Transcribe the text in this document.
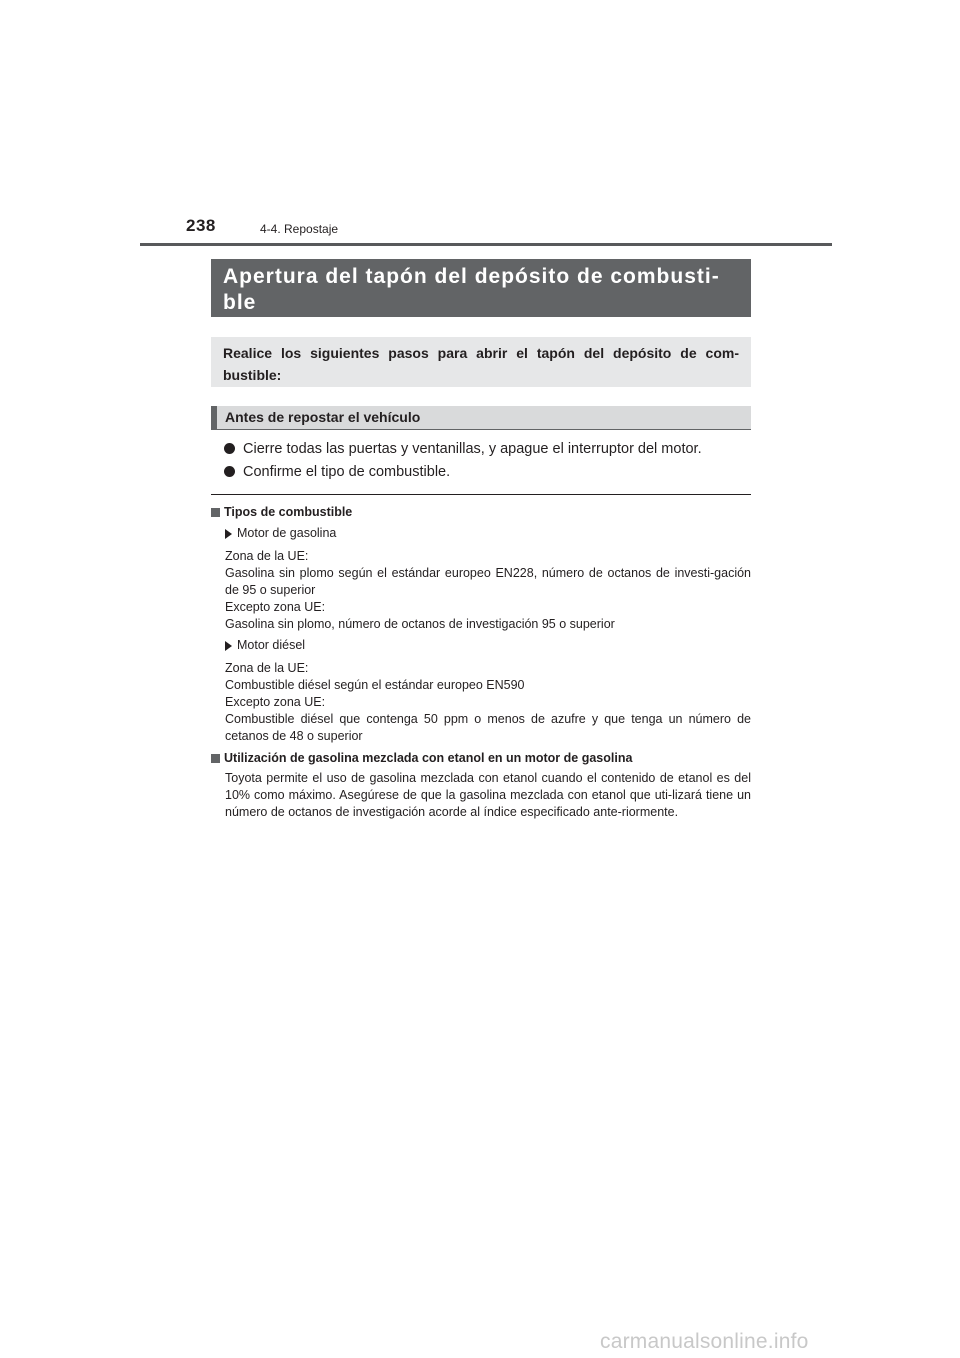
238	4-4. Repostaje
Apertura del tapón del depósito de combusti-
ble
Realice los siguientes pasos para abrir el tapón del depósito de com-bustible:
Antes de repostar el vehículo
Cierre todas las puertas y ventanillas, y apague el interruptor del motor.
Confirme el tipo de combustible.
Tipos de combustible
Motor de gasolina
Zona de la UE:
Gasolina sin plomo según el estándar europeo EN228, número de octanos de investi-gación de 95 o superior
Excepto zona UE:
Gasolina sin plomo, número de octanos de investigación 95 o superior
Motor diésel
Zona de la UE:
Combustible diésel según el estándar europeo EN590
Excepto zona UE:
Combustible diésel que contenga 50 ppm o menos de azufre y que tenga un número de cetanos de 48 o superior
Utilización de gasolina mezclada con etanol en un motor de gasolina
Toyota permite el uso de gasolina mezclada con etanol cuando el contenido de etanol es del 10% como máximo. Asegúrese de que la gasolina mezclada con etanol que uti-lizará tiene un número de octanos de investigación acorde al índice especificado ante-riormente.
carmanualsonline.info
